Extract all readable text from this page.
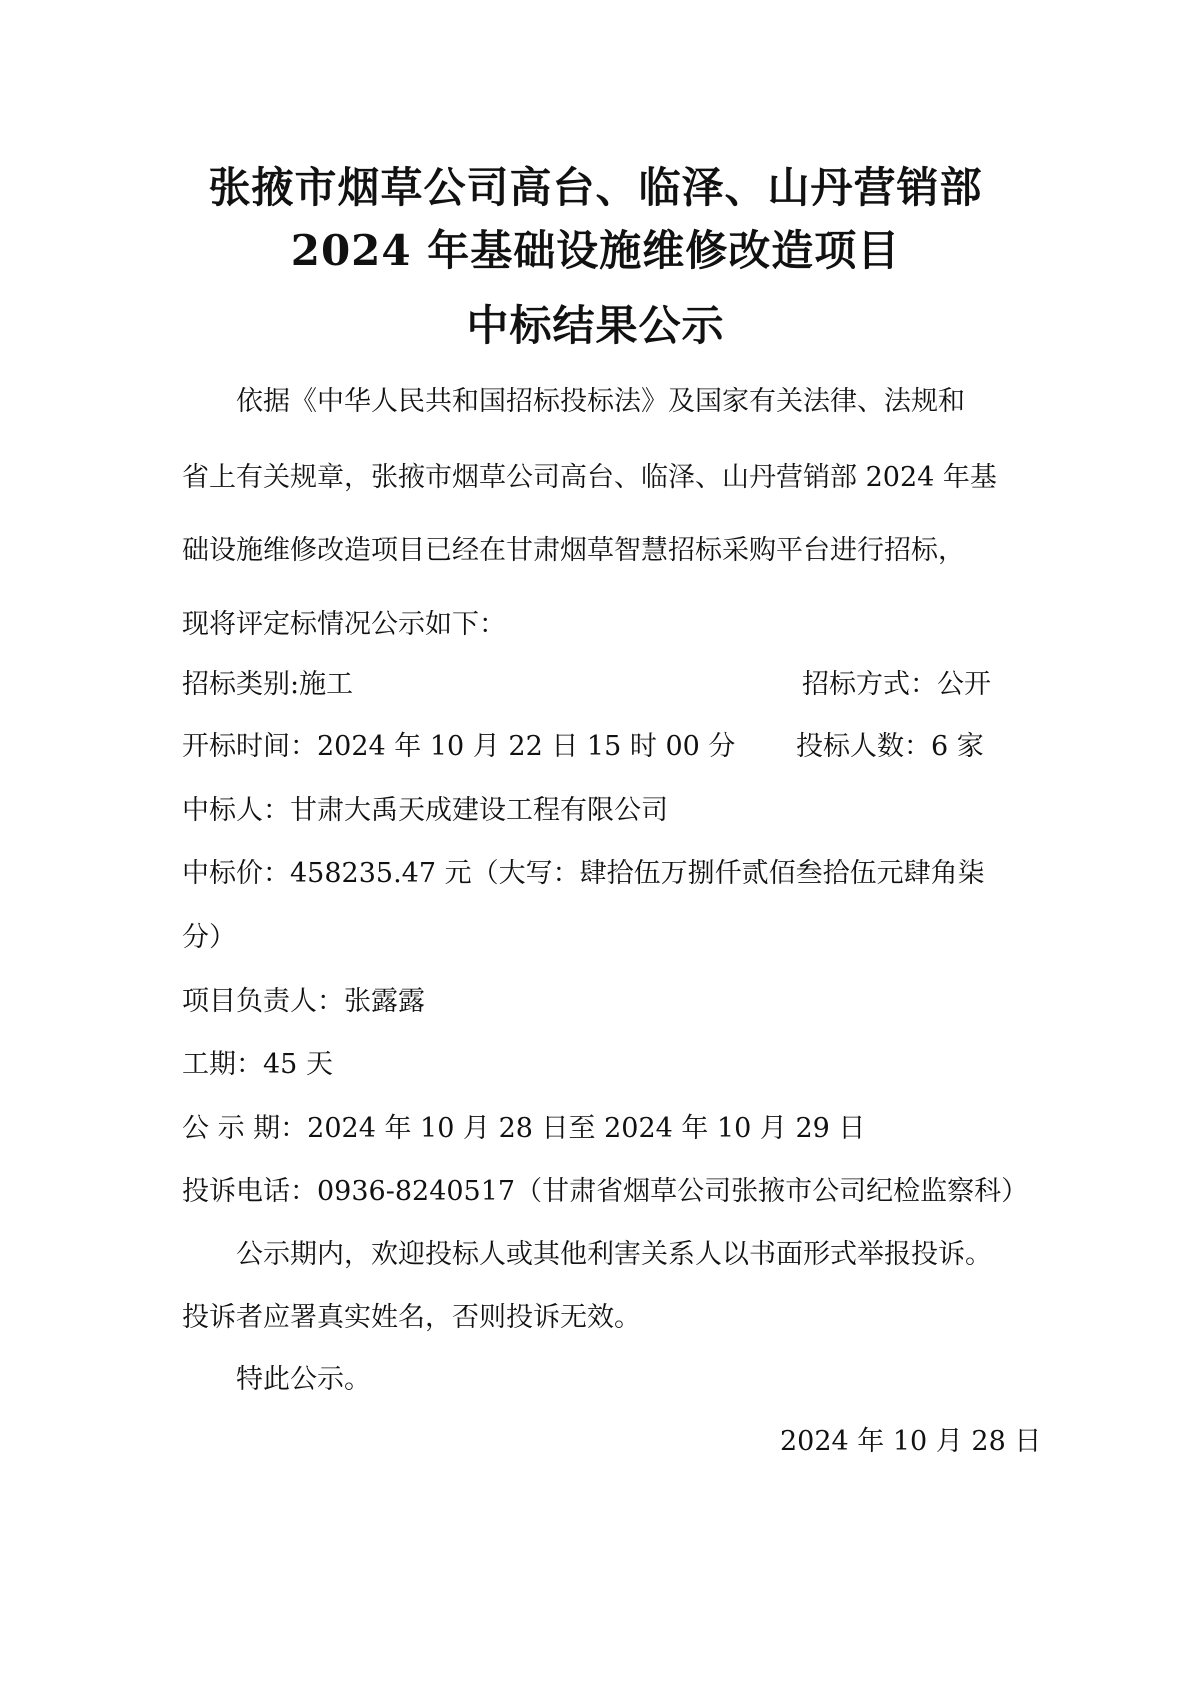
张掖市烟草公司高台、临泽、山丹营销部
2024 年基础设施维修改造项目
中标结果公示
依据《中华人民共和国招标投标法》及国家有关法律、法规和
省上有关规章，张掖市烟草公司高台、临泽、山丹营销部 2024 年基
础设施维修改造项目已经在甘肃烟草智慧招标采购平台进行招标，
现将评定标情况公示如下：
招标类别:施工	招标方式：公开
开标时间：2024 年 10 月 22 日 15 时 00 分 投标人数：6 家
中标人：甘肃大禹天成建设工程有限公司
中标价：458235.47 元（大写：肆拾伍万捌仟贰佰叁拾伍元肆角柒
分）
项目负责人：张露露
工期：45 天
公 示 期：2024 年 10 月 28 日至 2024 年 10 月 29 日
投诉电话：0936-8240517（甘肃省烟草公司张掖市公司纪检监察科）
公示期内，欢迎投标人或其他利害关系人以书面形式举报投诉。
投诉者应署真实姓名，否则投诉无效。
特此公示。
2024 年 10 月 28 日
